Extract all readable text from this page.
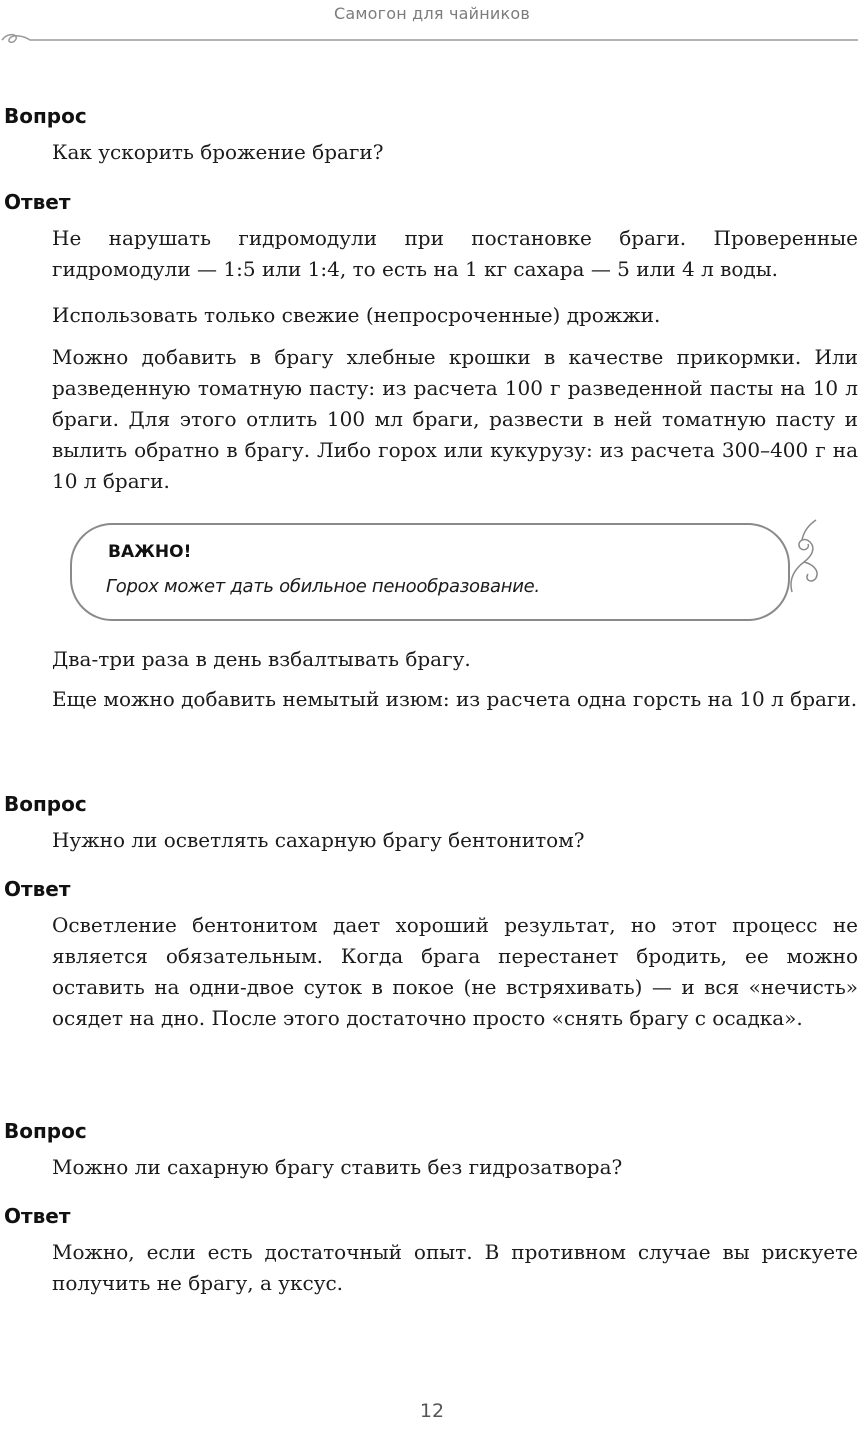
Самогон для чайников
Вопрос

Как ускорить брожение браги?

Ответ

Не нарушать гидромодули при постановке браги. Проверенные гидромодули — 1:5 или 1:4, то есть на 1 кг сахара — 5 или 4 л воды.

Использовать только свежие (непросроченные) дрожжи.

Можно добавить в брагу хлебные крошки в качестве прикормки. Или разведенную томатную пасту: из расчета 100 г разведенной пасты на 10 л браги. Для этого отлить 100 мл браги, развести в ней томатную пасту и вылить обратно в брагу. Либо горох или кукурузу: из расчета 300–400 г на 10 л браги.

ВАЖНО!
Горох может дать обильное пенообразование.

Два-три раза в день взбалтывать брагу.

Еще можно добавить немытый изюм: из расчета одна горсть на 10 л браги.

Вопрос

Нужно ли осветлять сахарную брагу бентонитом?

Ответ

Осветление бентонитом дает хороший результат, но этот процесс не является обязательным. Когда брага перестанет бродить, ее можно оставить на одни-двое суток в покое (не встряхивать) — и вся «нечисть» осядет на дно. После этого достаточно просто «снять брагу с осадка».

Вопрос

Можно ли сахарную брагу ставить без гидрозатвора?

Ответ

Можно, если есть достаточный опыт. В противном случае вы рискуете получить не брагу, а уксус.

12
